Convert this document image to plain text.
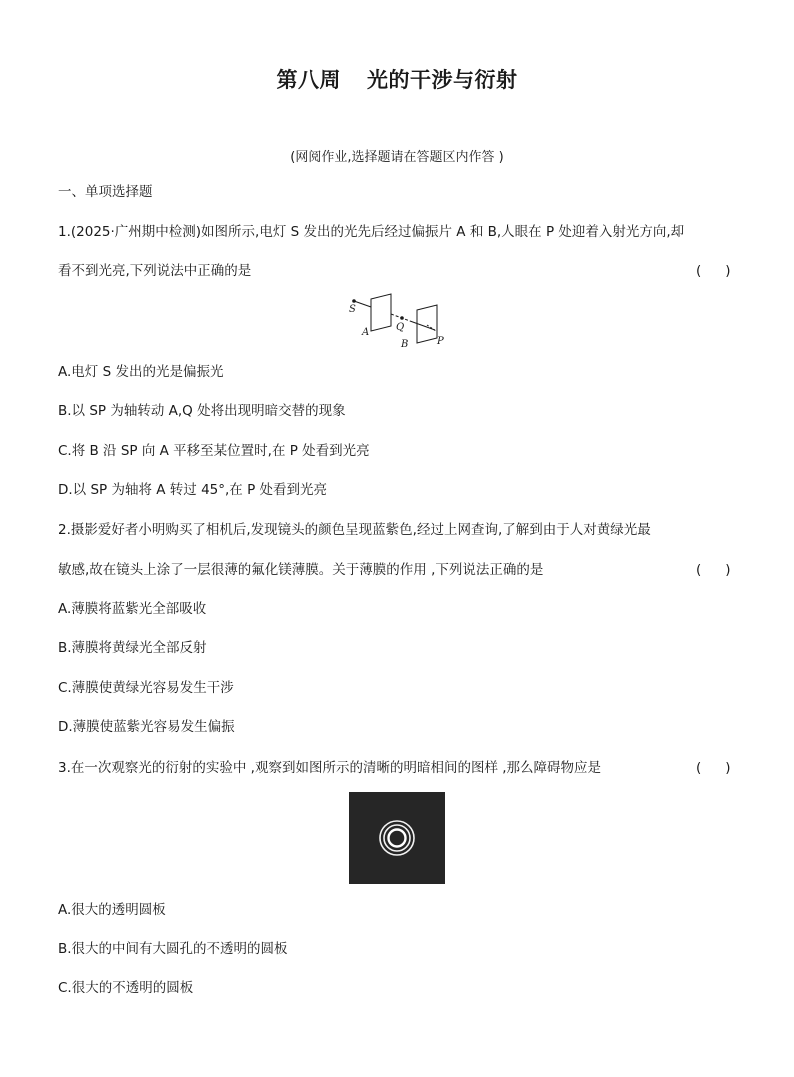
第八周 光的干涉与衍射
(网阅作业,选择题请在答题区内作答 )
一、单项选择题
1.(2025·广州期中检测)如图所示,电灯 S 发出的光先后经过偏振片 A 和 B,人眼在 P 处迎着入射光方向,却
看不到光亮,下列说法中正确的是	( )
S
A	Q
B	P
A.电灯 S 发出的光是偏振光
B.以 SP 为轴转动 A,Q 处将出现明暗交替的现象
C.将 B 沿 SP 向 A 平移至某位置时,在 P 处看到光亮
D.以 SP 为轴将 A 转过 45°,在 P 处看到光亮
2.摄影爱好者小明购买了相机后,发现镜头的颜色呈现蓝紫色,经过上网查询,了解到由于人对黄绿光最
敏感,故在镜头上涂了一层很薄的氟化镁薄膜。关于薄膜的作用 ,下列说法正确的是	( )
A.薄膜将蓝紫光全部吸收
B.薄膜将黄绿光全部反射
C.薄膜使黄绿光容易发生干涉
D.薄膜使蓝紫光容易发生偏振
3.在一次观察光的衍射的实验中 ,观察到如图所示的清晰的明暗相间的图样 ,那么障碍物应是	( )
A.很大的透明圆板
B.很大的中间有大圆孔的不透明的圆板
C.很大的不透明的圆板
